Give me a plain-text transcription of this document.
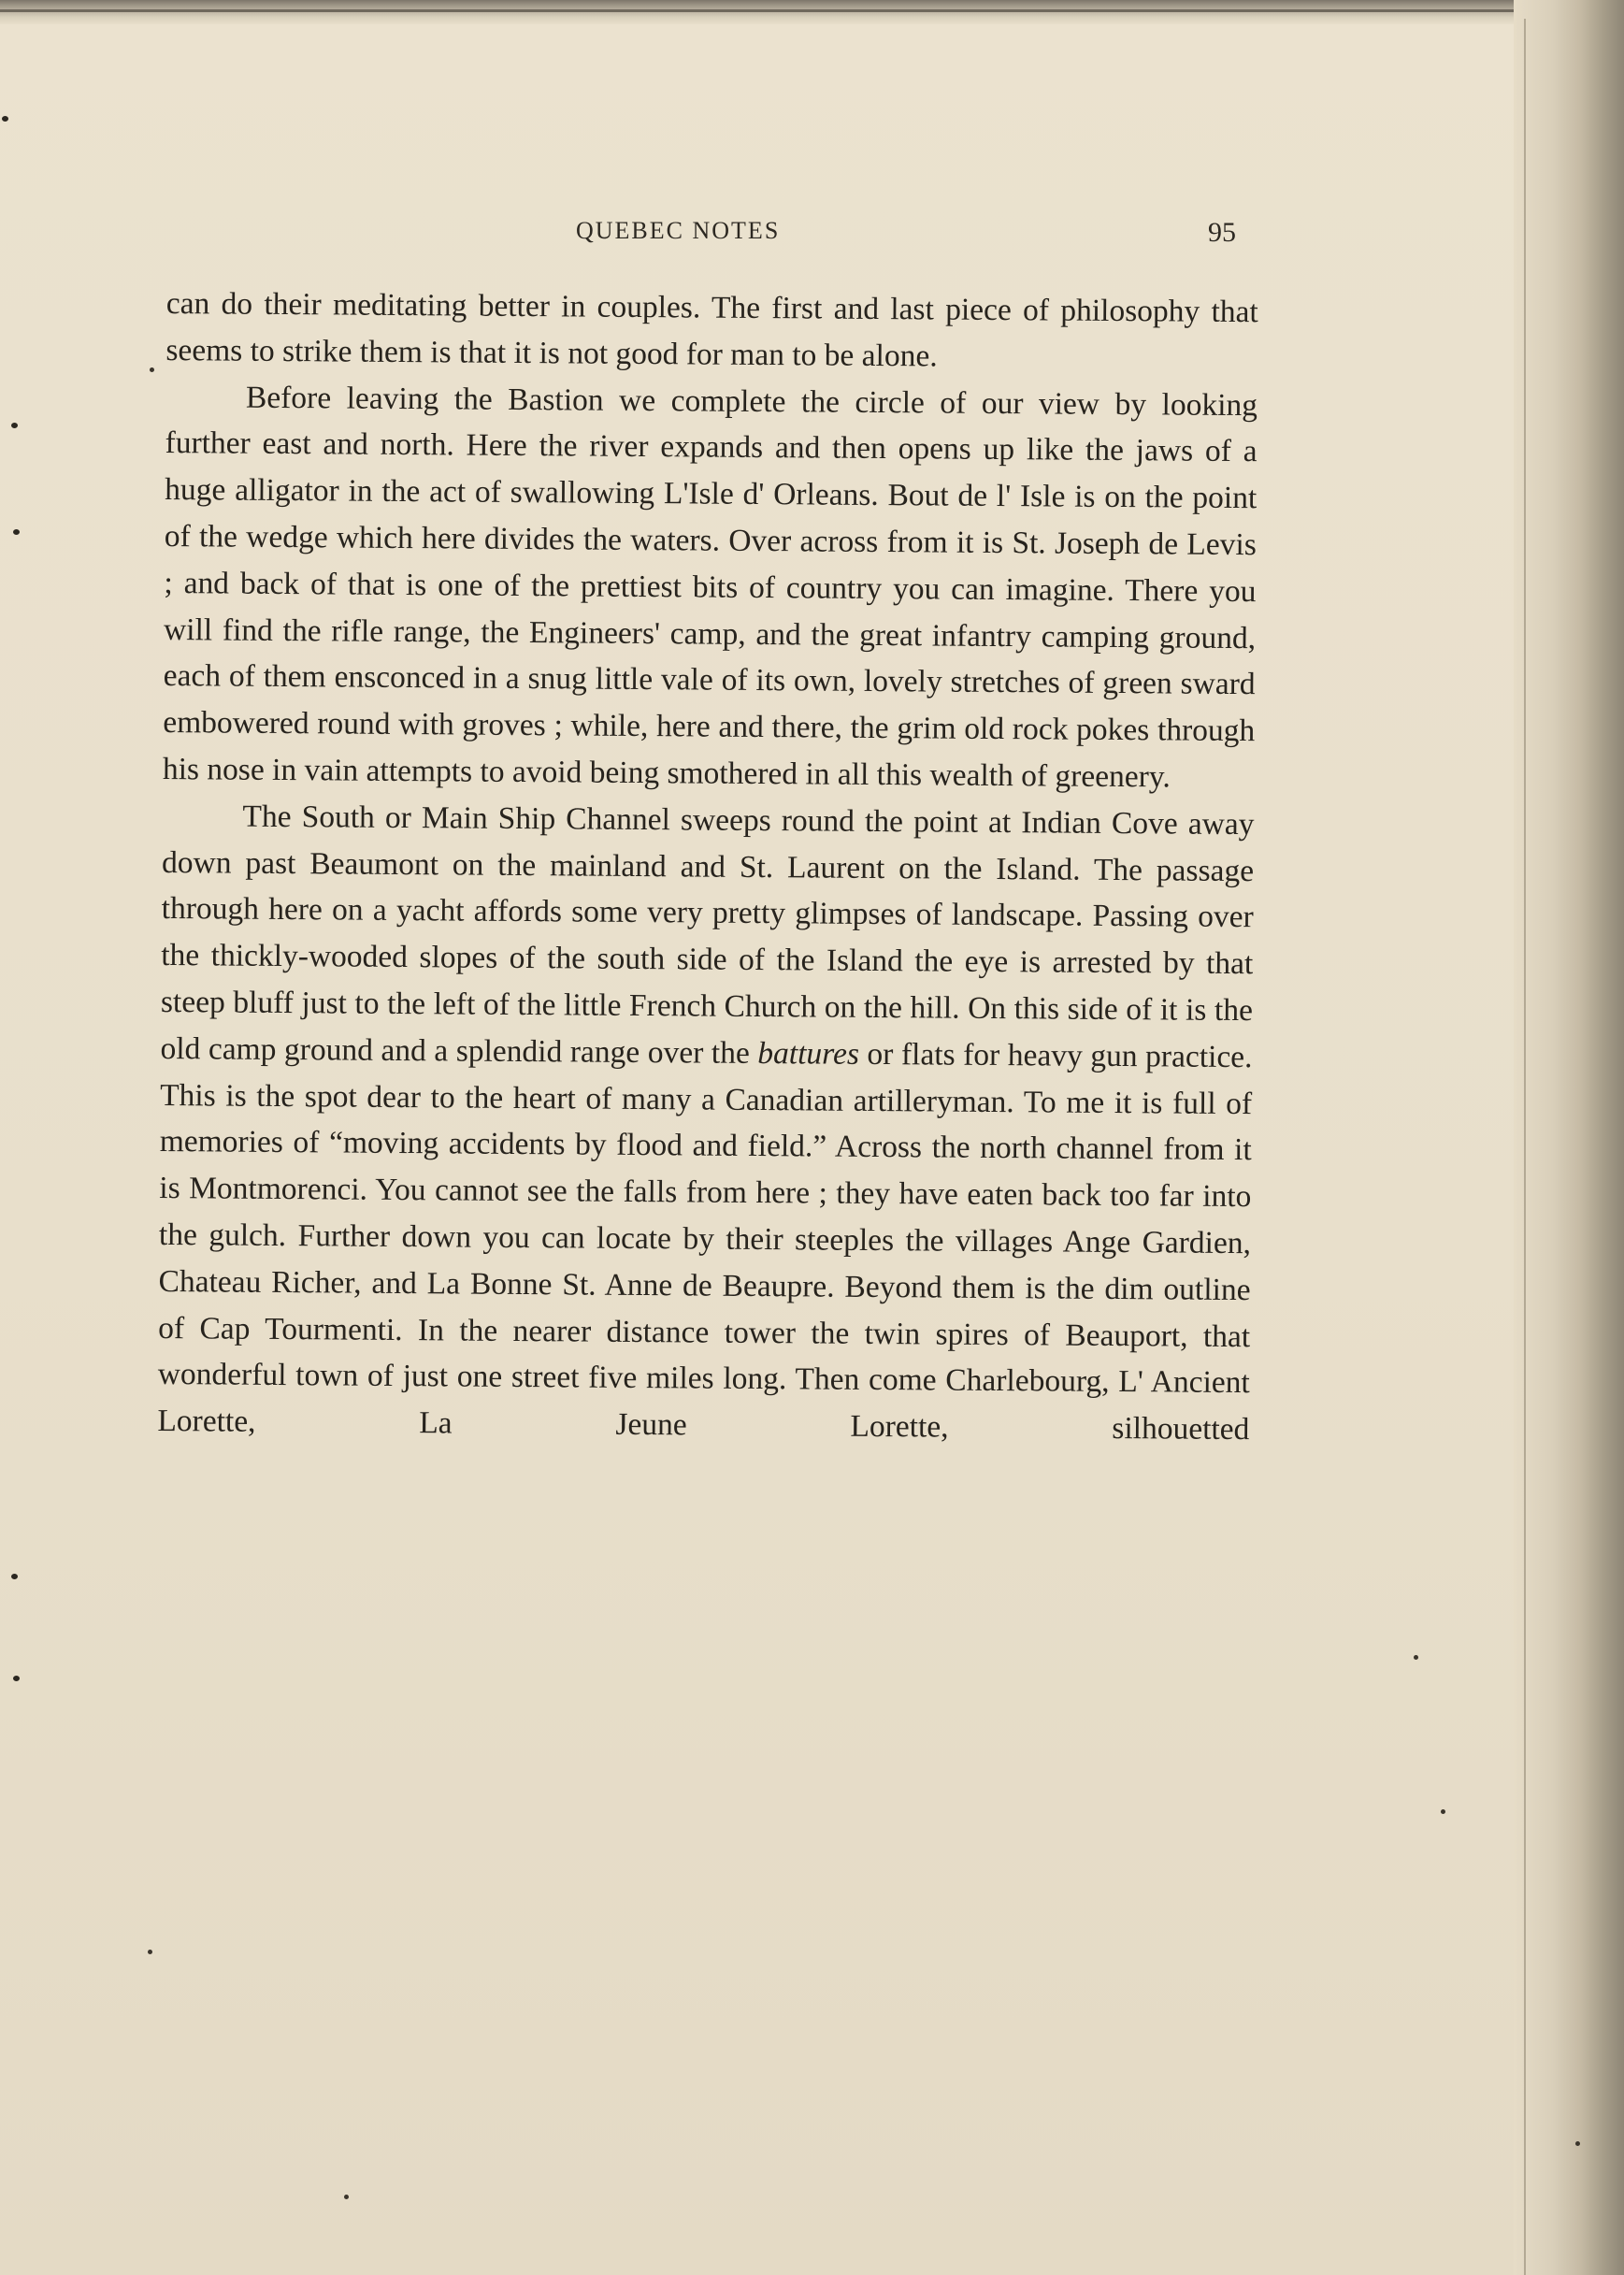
QUEBEC NOTES	95

can do their meditating better in couples. The first and last piece of philosophy that seems to strike them is that it is not good for man to be alone.

Before leaving the Bastion we complete the circle of our view by looking further east and north. Here the river expands and then opens up like the jaws of a huge alligator in the act of swallowing L'Isle d' Orleans. Bout de l' Isle is on the point of the wedge which here divides the waters. Over across from it is St. Joseph de Levis ; and back of that is one of the prettiest bits of country you can imagine. There you will find the rifle range, the Engineers' camp, and the great infantry camping ground, each of them ensconced in a snug little vale of its own, lovely stretches of green sward embowered round with groves ; while, here and there, the grim old rock pokes through his nose in vain attempts to avoid being smothered in all this wealth of greenery.

The South or Main Ship Channel sweeps round the point at Indian Cove away down past Beaumont on the mainland and St. Laurent on the Island. The passage through here on a yacht affords some very pretty glimpses of landscape. Passing over the thickly-wooded slopes of the south side of the Island the eye is arrested by that steep bluff just to the left of the little French Church on the hill. On this side of it is the old camp ground and a splendid range over the battures or flats for heavy gun practice. This is the spot dear to the heart of many a Canadian artilleryman. To me it is full of memories of “moving accidents by flood and field.” Across the north channel from it is Montmorenci. You cannot see the falls from here ; they have eaten back too far into the gulch. Further down you can locate by their steeples the villages Ange Gardien, Chateau Richer, and La Bonne St. Anne de Beaupre. Beyond them is the dim outline of Cap Tourmenti. In the nearer distance tower the twin spires of Beauport, that wonderful town of just one street five miles long. Then come Charlebourg, L' Ancient Lorette, La Jeune Lorette, silhouetted
